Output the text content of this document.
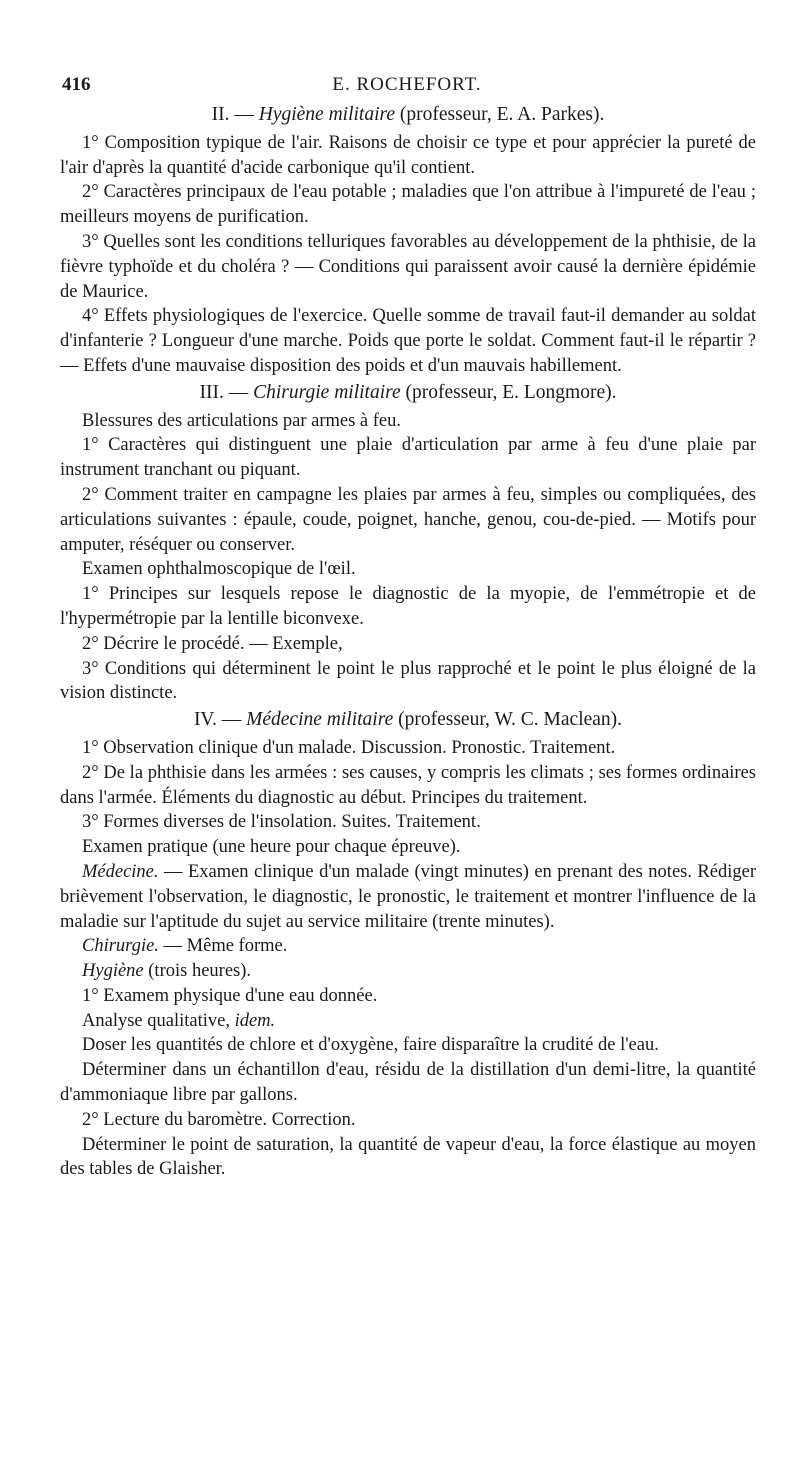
416	E. ROCHEFORT.

II. — Hygiène militaire (professeur, E. A. Parkes).

1° Composition typique de l'air. Raisons de choisir ce type et pour apprécier la pureté de l'air d'après la quantité d'acide carbonique qu'il contient.

2° Caractères principaux de l'eau potable ; maladies que l'on attribue à l'impureté de l'eau ; meilleurs moyens de purification.

3° Quelles sont les conditions telluriques favorables au développement de la phthisie, de la fièvre typhoïde et du choléra ? — Conditions qui paraissent avoir causé la dernière épidémie de Maurice.

4° Effets physiologiques de l'exercice. Quelle somme de travail faut-il demander au soldat d'infanterie ? Longueur d'une marche. Poids que porte le soldat. Comment faut-il le répartir ? — Effets d'une mauvaise disposition des poids et d'un mauvais habillement.

III. — Chirurgie militaire (professeur, E. Longmore).

Blessures des articulations par armes à feu.

1° Caractères qui distinguent une plaie d'articulation par arme à feu d'une plaie par instrument tranchant ou piquant.

2° Comment traiter en campagne les plaies par armes à feu, simples ou compliquées, des articulations suivantes : épaule, coude, poignet, hanche, genou, cou-de-pied. — Motifs pour amputer, réséquer ou conserver.

Examen ophthalmoscopique de l'œil.

1° Principes sur lesquels repose le diagnostic de la myopie, de l'emmétropie et de l'hypermétropie par la lentille biconvexe.

2° Décrire le procédé. — Exemple,

3° Conditions qui déterminent le point le plus rapproché et le point le plus éloigné de la vision distincte.

IV. — Médecine militaire (professeur, W. C. Maclean).

1° Observation clinique d'un malade. Discussion. Pronostic. Traitement.

2° De la phthisie dans les armées : ses causes, y compris les climats ; ses formes ordinaires dans l'armée. Éléments du diagnostic au début. Principes du traitement.

3° Formes diverses de l'insolation. Suites. Traitement.

Examen pratique (une heure pour chaque épreuve).

Médecine. — Examen clinique d'un malade (vingt minutes) en prenant des notes. Rédiger brièvement l'observation, le diagnostic, le pronostic, le traitement et montrer l'influence de la maladie sur l'aptitude du sujet au service militaire (trente minutes).

Chirurgie. — Même forme.

Hygiène (trois heures).

1° Examem physique d'une eau donnée.

Analyse qualitative, idem.

Doser les quantités de chlore et d'oxygène, faire disparaître la crudité de l'eau.

Déterminer dans un échantillon d'eau, résidu de la distillation d'un demi-litre, la quantité d'ammoniaque libre par gallons.

2° Lecture du baromètre. Correction.

Déterminer le point de saturation, la quantité de vapeur d'eau, la force élastique au moyen des tables de Glaisher.
